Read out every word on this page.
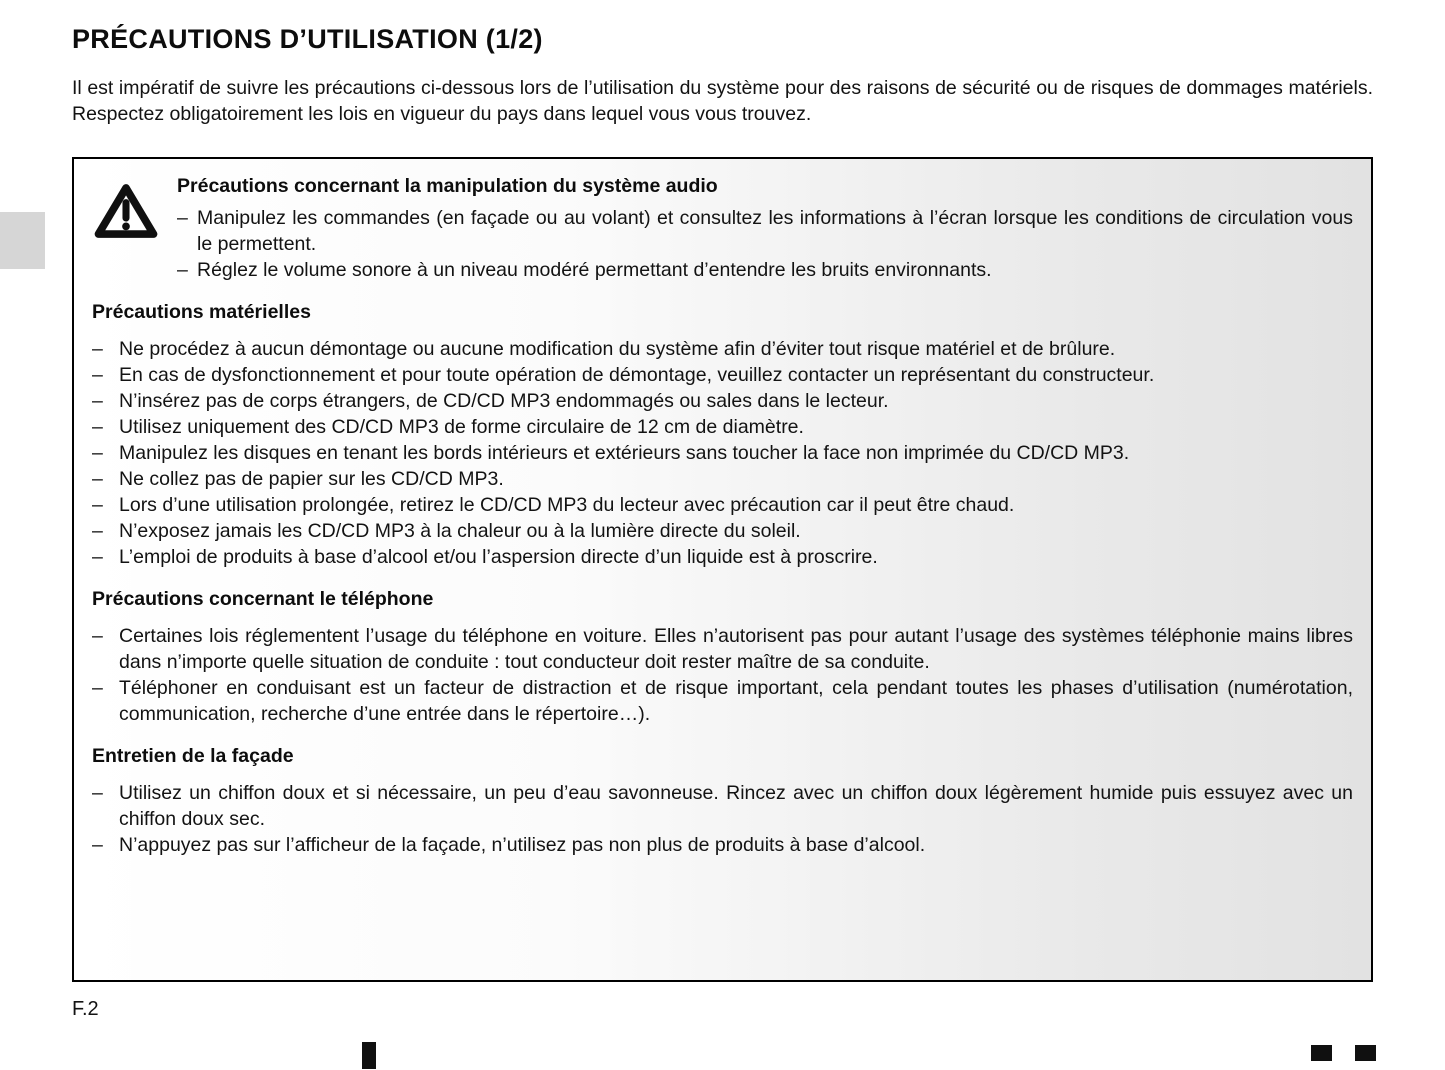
PRÉCAUTIONS D’UTILISATION (1/2)

Il est impératif de suivre les précautions ci-dessous lors de l’utilisation du système pour des raisons de sécurité ou de risques de dommages matériels. Respectez obligatoirement les lois en vigueur du pays dans lequel vous vous trouvez.

Précautions concernant la manipulation du système audio
– Manipulez les commandes (en façade ou au volant) et consultez les informations à l’écran lorsque les conditions de circulation vous le permettent.
– Réglez le volume sonore à un niveau modéré permettant d’entendre les bruits environnants.
Précautions matérielles
– Ne procédez à aucun démontage ou aucune modification du système afin d’éviter tout risque matériel et de brûlure.
– En cas de dysfonctionnement et pour toute opération de démontage, veuillez contacter un représentant du constructeur.
– N’insérez pas de corps étrangers, de CD/CD MP3 endommagés ou sales dans le lecteur.
– Utilisez uniquement des CD/CD MP3 de forme circulaire de 12 cm de diamètre.
– Manipulez les disques en tenant les bords intérieurs et extérieurs sans toucher la face non imprimée du CD/CD MP3.
– Ne collez pas de papier sur les CD/CD MP3.
– Lors d’une utilisation prolongée, retirez le CD/CD MP3 du lecteur avec précaution car il peut être chaud.
– N’exposez jamais les CD/CD MP3 à la chaleur ou à la lumière directe du soleil.
– L’emploi de produits à base d’alcool et/ou l’aspersion directe d’un liquide est à proscrire.
Précautions concernant le téléphone
– Certaines lois réglementent l’usage du téléphone en voiture. Elles n’autorisent pas pour autant l’usage des systèmes téléphonie mains libres dans n’importe quelle situation de conduite : tout conducteur doit rester maître de sa conduite.
– Téléphoner en conduisant est un facteur de distraction et de risque important, cela pendant toutes les phases d’utilisation (numérotation, communication, recherche d’une entrée dans le répertoire…).
Entretien de la façade
– Utilisez un chiffon doux et si nécessaire, un peu d’eau savonneuse. Rincez avec un chiffon doux légèrement humide puis essuyez avec un chiffon doux sec.
– N’appuyez pas sur l’afficheur de la façade, n’utilisez pas non plus de produits à base d’alcool.
F.2
